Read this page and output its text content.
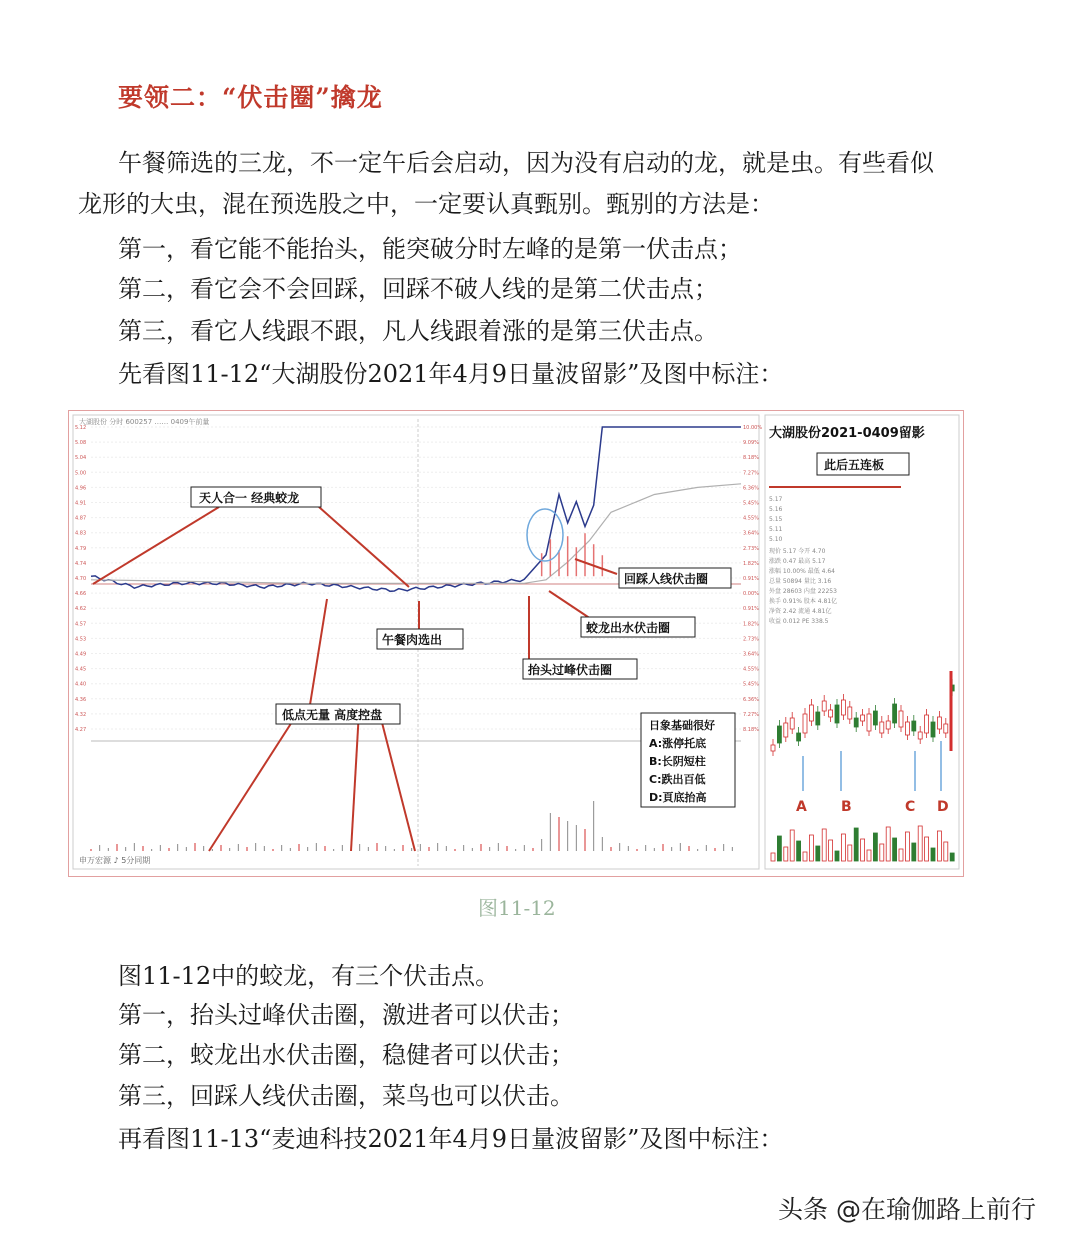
要领二：“伏击圈”擒龙
午餐筛选的三龙，不一定午后会启动，因为没有启动的龙，就是虫。有些看似
龙形的大虫，混在预选股之中，一定要认真甄别。甄别的方法是：
第一，看它能不能抬头，能突破分时左峰的是第一伏击点；
第二，看它会不会回踩，回踩不破人线的是第二伏击点；
第三，看它人线跟不跟，凡人线跟着涨的是第三伏击点。
先看图11-12“大湖股份2021年4月9日量波留影”及图中标注：
大湖股份 分时 600257 …… 0409午前量
5.12
5.08
5.04
5.00
4.96
4.91
4.87
4.83
4.79
4.74
4.70
4.66
4.62
4.57
4.53
4.49
4.45
4.40
4.36
4.32
4.27
10.00%
9.09%
8.18%
7.27%
6.36%
5.45%
4.55%
3.64%
2.73%
1.82%
0.91%
0.00%
0.91%
1.82%
2.73%
3.64%
4.55%
5.45%
6.36%
7.27%
8.18%
申万宏源 ♪ 5分同期
天人合一 经典蛟龙
午餐肉选出
低点无量 高度控盘
回踩人线伏击圈
蛟龙出水伏击圈
抬头过峰伏击圈
日象基础很好
A:涨停托底
B:长阴短柱
C:跌出百低
D:頁底抬高
大湖股份2021-0409留影
此后五连板
5.17
5.16
5.15
5.11
5.10
现价 5.17 今开 4.70
涨跌 0.47 最高 5.17
涨幅 10.00% 最低 4.64
总量 50894 量比 3.16
外盘 28603 内盘 22253
换手 0.91% 股本 4.81亿
净资 2.42 流通 4.81亿
收益 0.012 PE 338.5
A B	C D
图11-12
图11-12中的蛟龙，有三个伏击点。
第一，抬头过峰伏击圈，激进者可以伏击；
第二，蛟龙出水伏击圈，稳健者可以伏击；
第三，回踩人线伏击圈，菜鸟也可以伏击。
再看图11-13“麦迪科技2021年4月9日量波留影”及图中标注：
头条 @在瑜伽路上前行
